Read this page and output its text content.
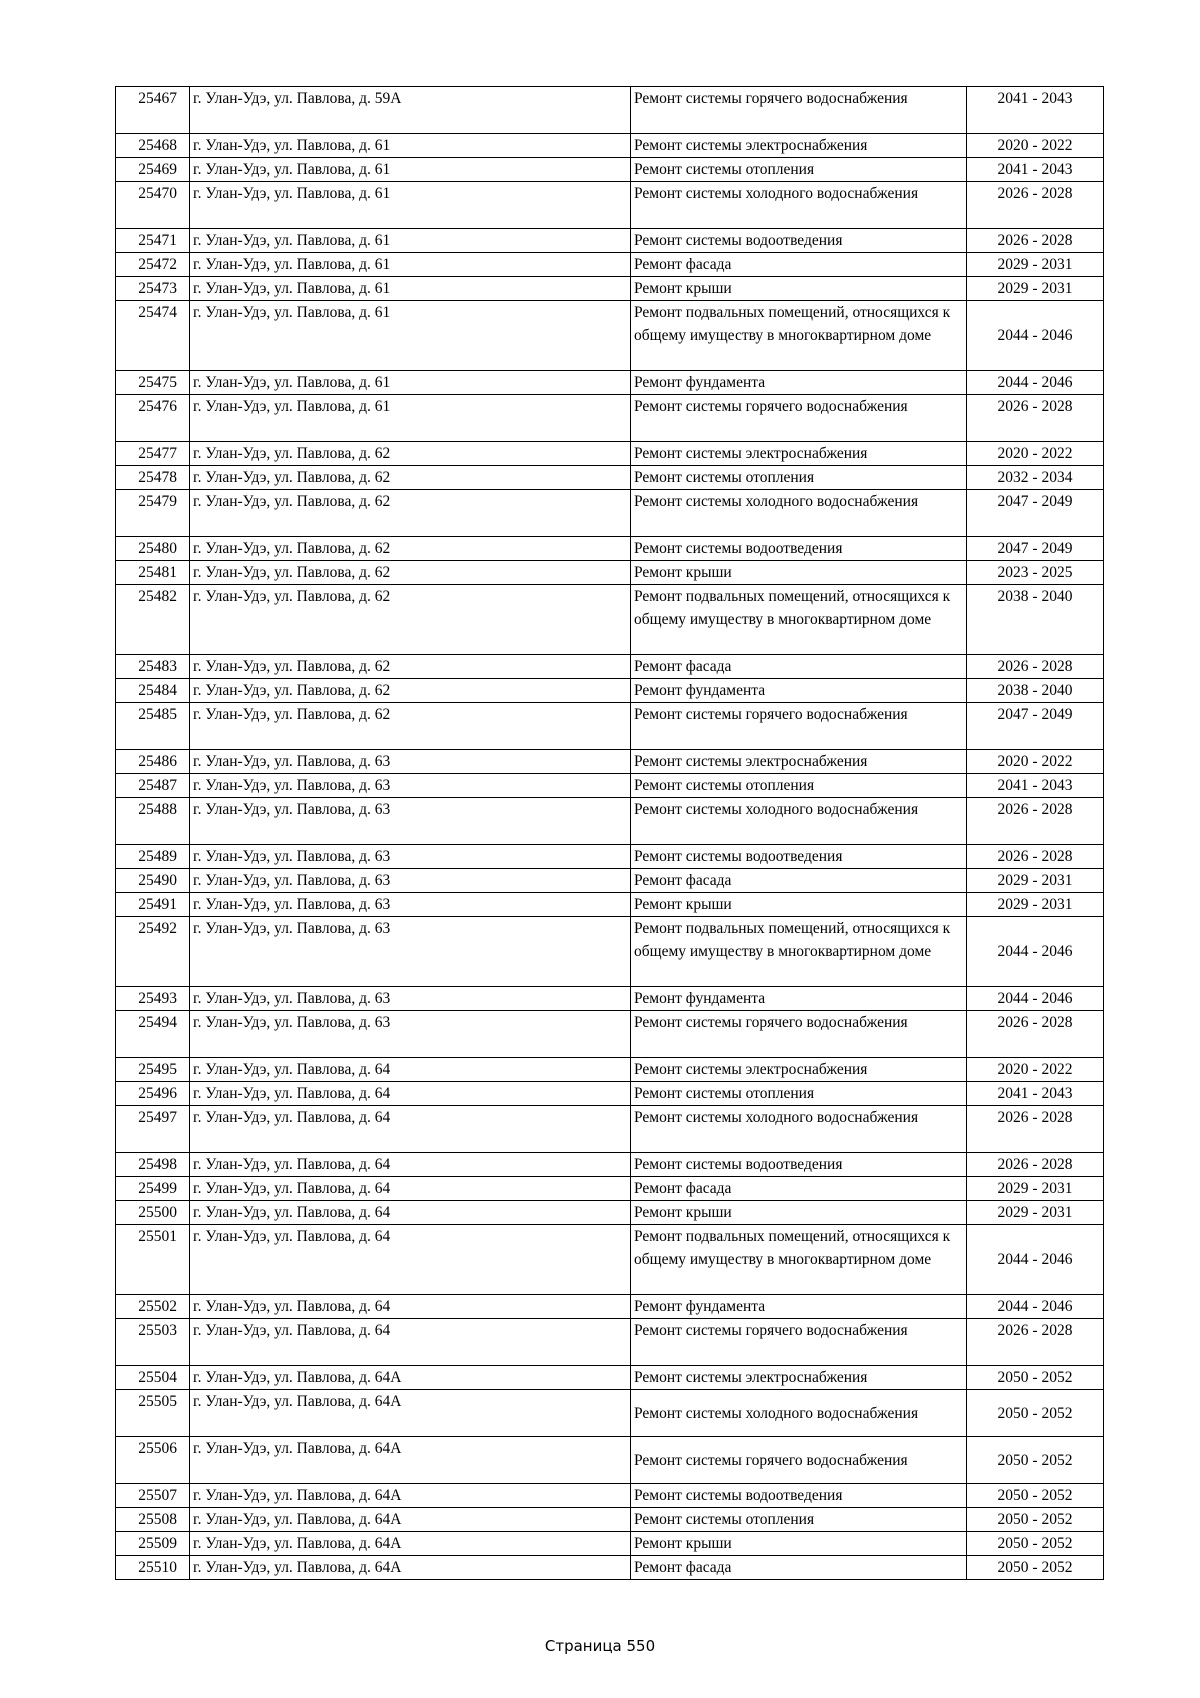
25467	г. Улан-Удэ, ул. Павлова, д. 59А	Ремонт системы горячего водоснабжения	2041 - 2043
25468	г. Улан-Удэ, ул. Павлова, д. 61	Ремонт системы электроснабжения	2020 - 2022
25469	г. Улан-Удэ, ул. Павлова, д. 61	Ремонт системы отопления	2041 - 2043
25470	г. Улан-Удэ, ул. Павлова, д. 61	Ремонт системы холодного водоснабжения	2026 - 2028
25471	г. Улан-Удэ, ул. Павлова, д. 61	Ремонт системы водоотведения	2026 - 2028
25472	г. Улан-Удэ, ул. Павлова, д. 61	Ремонт фасада	2029 - 2031
25473	г. Улан-Удэ, ул. Павлова, д. 61	Ремонт крыши	2029 - 2031
25474	г. Улан-Удэ, ул. Павлова, д. 61	Ремонт подвальных помещений, относящихся к общему имуществу в многоквартирном доме	2044 - 2046
25475	г. Улан-Удэ, ул. Павлова, д. 61	Ремонт фундамента	2044 - 2046
25476	г. Улан-Удэ, ул. Павлова, д. 61	Ремонт системы горячего водоснабжения	2026 - 2028
25477	г. Улан-Удэ, ул. Павлова, д. 62	Ремонт системы электроснабжения	2020 - 2022
25478	г. Улан-Удэ, ул. Павлова, д. 62	Ремонт системы отопления	2032 - 2034
25479	г. Улан-Удэ, ул. Павлова, д. 62	Ремонт системы холодного водоснабжения	2047 - 2049
25480	г. Улан-Удэ, ул. Павлова, д. 62	Ремонт системы водоотведения	2047 - 2049
25481	г. Улан-Удэ, ул. Павлова, д. 62	Ремонт крыши	2023 - 2025
25482	г. Улан-Удэ, ул. Павлова, д. 62	Ремонт подвальных помещений, относящихся к общему имуществу в многоквартирном доме	2038 - 2040
25483	г. Улан-Удэ, ул. Павлова, д. 62	Ремонт фасада	2026 - 2028
25484	г. Улан-Удэ, ул. Павлова, д. 62	Ремонт фундамента	2038 - 2040
25485	г. Улан-Удэ, ул. Павлова, д. 62	Ремонт системы горячего водоснабжения	2047 - 2049
25486	г. Улан-Удэ, ул. Павлова, д. 63	Ремонт системы электроснабжения	2020 - 2022
25487	г. Улан-Удэ, ул. Павлова, д. 63	Ремонт системы отопления	2041 - 2043
25488	г. Улан-Удэ, ул. Павлова, д. 63	Ремонт системы холодного водоснабжения	2026 - 2028
25489	г. Улан-Удэ, ул. Павлова, д. 63	Ремонт системы водоотведения	2026 - 2028
25490	г. Улан-Удэ, ул. Павлова, д. 63	Ремонт фасада	2029 - 2031
25491	г. Улан-Удэ, ул. Павлова, д. 63	Ремонт крыши	2029 - 2031
25492	г. Улан-Удэ, ул. Павлова, д. 63	Ремонт подвальных помещений, относящихся к общему имуществу в многоквартирном доме	2044 - 2046
25493	г. Улан-Удэ, ул. Павлова, д. 63	Ремонт фундамента	2044 - 2046
25494	г. Улан-Удэ, ул. Павлова, д. 63	Ремонт системы горячего водоснабжения	2026 - 2028
25495	г. Улан-Удэ, ул. Павлова, д. 64	Ремонт системы электроснабжения	2020 - 2022
25496	г. Улан-Удэ, ул. Павлова, д. 64	Ремонт системы отопления	2041 - 2043
25497	г. Улан-Удэ, ул. Павлова, д. 64	Ремонт системы холодного водоснабжения	2026 - 2028
25498	г. Улан-Удэ, ул. Павлова, д. 64	Ремонт системы водоотведения	2026 - 2028
25499	г. Улан-Удэ, ул. Павлова, д. 64	Ремонт фасада	2029 - 2031
25500	г. Улан-Удэ, ул. Павлова, д. 64	Ремонт крыши	2029 - 2031
25501	г. Улан-Удэ, ул. Павлова, д. 64	Ремонт подвальных помещений, относящихся к общему имуществу в многоквартирном доме	2044 - 2046
25502	г. Улан-Удэ, ул. Павлова, д. 64	Ремонт фундамента	2044 - 2046
25503	г. Улан-Удэ, ул. Павлова, д. 64	Ремонт системы горячего водоснабжения	2026 - 2028
25504	г. Улан-Удэ, ул. Павлова, д. 64А	Ремонт системы электроснабжения	2050 - 2052
25505	г. Улан-Удэ, ул. Павлова, д. 64А	Ремонт системы холодного водоснабжения	2050 - 2052
25506	г. Улан-Удэ, ул. Павлова, д. 64А	Ремонт системы горячего водоснабжения	2050 - 2052
25507	г. Улан-Удэ, ул. Павлова, д. 64А	Ремонт системы водоотведения	2050 - 2052
25508	г. Улан-Удэ, ул. Павлова, д. 64А	Ремонт системы отопления	2050 - 2052
25509	г. Улан-Удэ, ул. Павлова, д. 64А	Ремонт крыши	2050 - 2052
25510	г. Улан-Удэ, ул. Павлова, д. 64А	Ремонт фасада	2050 - 2052
Страница 550
